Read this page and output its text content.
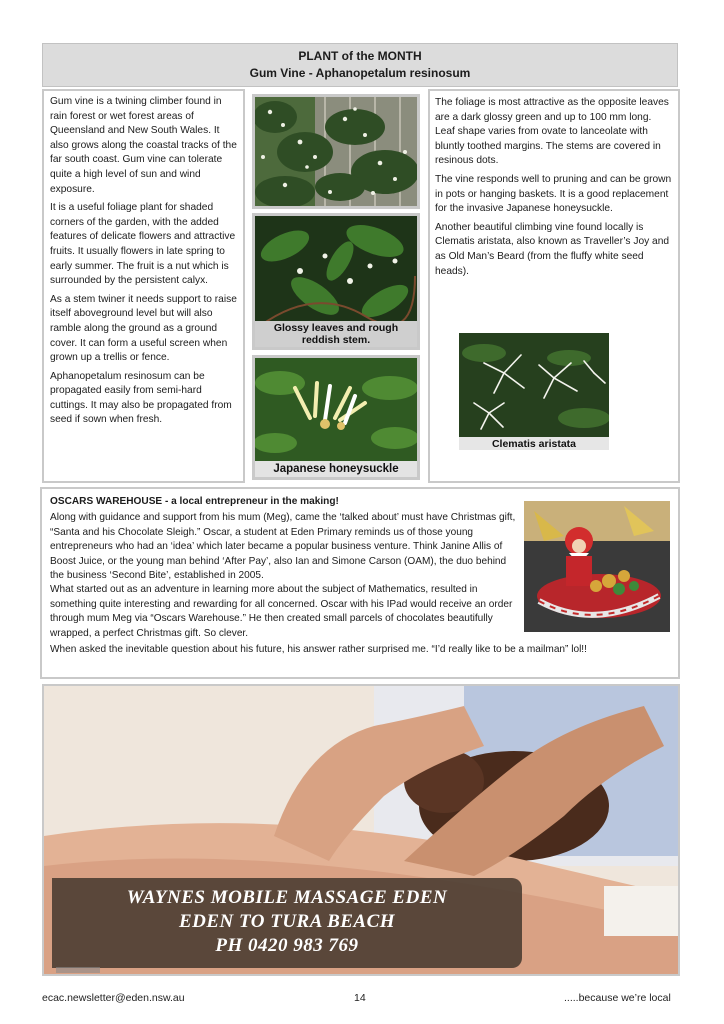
PLANT of the MONTH
Gum Vine - Aphanopetalum resinosum

Gum vine is a twining climber found in rain forest or wet forest areas of Queensland and New South Wales. It also grows along the coastal tracks of the far south coast. Gum vine can tolerate quite a high level of sun and wind exposure.

It is a useful foliage plant for shaded corners of the garden, with the added features of delicate flowers and attractive fruits. It usually flowers in late spring to early summer. The fruit is a nut which is surrounded by the persistent calyx.

As a stem twiner it needs support to raise itself aboveground level but will also ramble along the ground as a ground cover. It can form a useful screen when grown up a trellis or fence.

Aphanopetalum resinosum can be propagated easily from semi-hard cuttings. It may also be propagated from seed if sown when fresh.

Glossy leaves and rough reddish stem.
Japanese honeysuckle

The foliage is most attractive as the opposite leaves are a dark glossy green and up to 100 mm long. Leaf shape varies from ovate to lanceolate with bluntly toothed margins. The stems are covered in resinous dots.

The vine responds well to pruning and can be grown in pots or hanging baskets. It is a good replacement for the invasive Japanese honeysuckle.

Another beautiful climbing vine found locally is Clematis aristata, also known as Traveller’s Joy and as Old Man’s Beard (from the fluffy white seed heads).

Clematis aristata
OSCARS WAREHOUSE - a local entrepreneur in the making!
Along with guidance and support from his mum (Meg), came the ‘talked about’ must have Christmas gift, “Santa and his Chocolate Sleigh.” Oscar, a student at Eden Primary reminds us of those young entrepreneurs who had an ‘idea’ which later became a popular business venture. Think Janine Allis of Boost Juice, or the young man behind ‘After Pay’, also Ian and Simone Carson (OAM), the duo behind the business ‘Second Bite’, established in 2005.
What started out as an adventure in learning more about the subject of Mathematics, resulted in something quite interesting and rewarding for all concerned. Oscar with his IPad would receive an order through mum Meg via “Oscars Warehouse.” He then created small parcels of chocolates beautifully wrapped, a perfect Christmas gift. So clever.
When asked the inevitable question about his future, his answer rather surprised me. “I’d really like to be a mailman” lol!!
WAYNES MOBILE MASSAGE EDEN
EDEN TO TURA BEACH
PH 0420 983 769
ecac.newsletter@eden.nsw.au	14	.....because we’re local
